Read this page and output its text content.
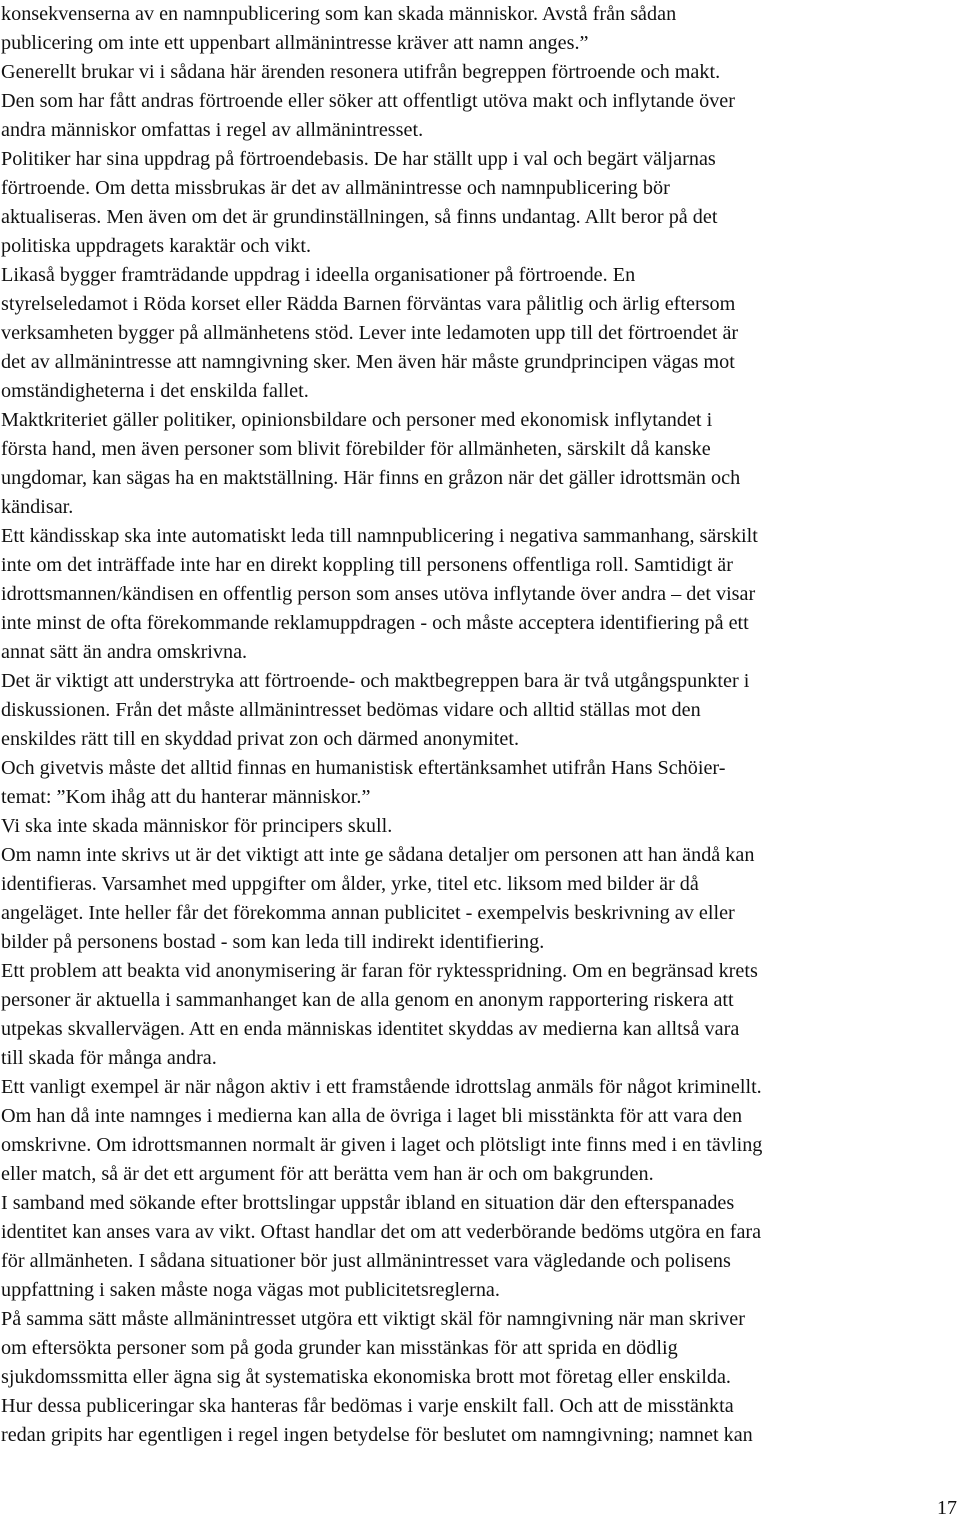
konsekvenserna av en namnpublicering som kan skada människor. Avstå från sådan
publicering om inte ett uppenbart allmänintresse kräver att namn anges.”
Generellt brukar vi i sådana här ärenden resonera utifrån begreppen förtroende och makt.
Den som har fått andras förtroende eller söker att offentligt utöva makt och inflytande över
andra människor omfattas i regel av allmänintresset.
Politiker har sina uppdrag på förtroendebasis. De har ställt upp i val och begärt väljarnas
förtroende. Om detta missbrukas är det av allmänintresse och namnpublicering bör
aktualiseras. Men även om det är grundinställningen, så finns undantag. Allt beror på det
politiska uppdragets karaktär och vikt.
Likaså bygger framträdande uppdrag i ideella organisationer på förtroende. En
styrelseledamot i Röda korset eller Rädda Barnen förväntas vara pålitlig och ärlig eftersom
verksamheten bygger på allmänhetens stöd. Lever inte ledamoten upp till det förtroendet är
det av allmänintresse att namngivning sker. Men även här måste grundprincipen vägas mot
omständigheterna i det enskilda fallet.
Maktkriteriet gäller politiker, opinionsbildare och personer med ekonomisk inflytandet i
första hand, men även personer som blivit förebilder för allmänheten, särskilt då kanske
ungdomar, kan sägas ha en maktställning. Här finns en gråzon när det gäller idrottsmän och
kändisar.
Ett kändisskap ska inte automatiskt leda till namnpublicering i negativa sammanhang, särskilt
inte om det inträffade inte har en direkt koppling till personens offentliga roll. Samtidigt är
idrottsmannen/kändisen en offentlig person som anses utöva inflytande över andra – det visar
inte minst de ofta förekommande reklamuppdragen - och måste acceptera identifiering på ett
annat sätt än andra omskrivna.
Det är viktigt att understryka att förtroende- och maktbegreppen bara är två utgångspunkter i
diskussionen. Från det måste allmänintresset bedömas vidare och alltid ställas mot den
enskildes rätt till en skyddad privat zon och därmed anonymitet.
Och givetvis måste det alltid finnas en humanistisk eftertänksamhet utifrån Hans Schöier-
temat: ”Kom ihåg att du hanterar människor.”
Vi ska inte skada människor för principers skull.
Om namn inte skrivs ut är det viktigt att inte ge sådana detaljer om personen att han ändå kan
identifieras. Varsamhet med uppgifter om ålder, yrke, titel etc. liksom med bilder är då
angeläget. Inte heller får det förekomma annan publicitet - exempelvis beskrivning av eller
bilder på personens bostad - som kan leda till indirekt identifiering.
Ett problem att beakta vid anonymisering är faran för ryktesspridning. Om en begränsad krets
personer är aktuella i sammanhanget kan de alla genom en anonym rapportering riskera att
utpekas skvallervägen. Att en enda människas identitet skyddas av medierna kan alltså vara
till skada för många andra.
Ett vanligt exempel är när någon aktiv i ett framstående idrottslag anmäls för något kriminellt.
Om han då inte namnges i medierna kan alla de övriga i laget bli misstänkta för att vara den
omskrivne. Om idrottsmannen normalt är given i laget och plötsligt inte finns med i en tävling
eller match, så är det ett argument för att berätta vem han är och om bakgrunden.
I samband med sökande efter brottslingar uppstår ibland en situation där den efterspanades
identitet kan anses vara av vikt. Oftast handlar det om att vederbörande bedöms utgöra en fara
för allmänheten. I sådana situationer bör just allmänintresset vara vägledande och polisens
uppfattning i saken måste noga vägas mot publicitetsreglerna.
På samma sätt måste allmänintresset utgöra ett viktigt skäl för namngivning när man skriver
om eftersökta personer som på goda grunder kan misstänkas för att sprida en dödlig
sjukdomssmitta eller ägna sig åt systematiska ekonomiska brott mot företag eller enskilda.
Hur dessa publiceringar ska hanteras får bedömas i varje enskilt fall. Och att de misstänkta
redan gripits har egentligen i regel ingen betydelse för beslutet om namngivning; namnet kan
17
